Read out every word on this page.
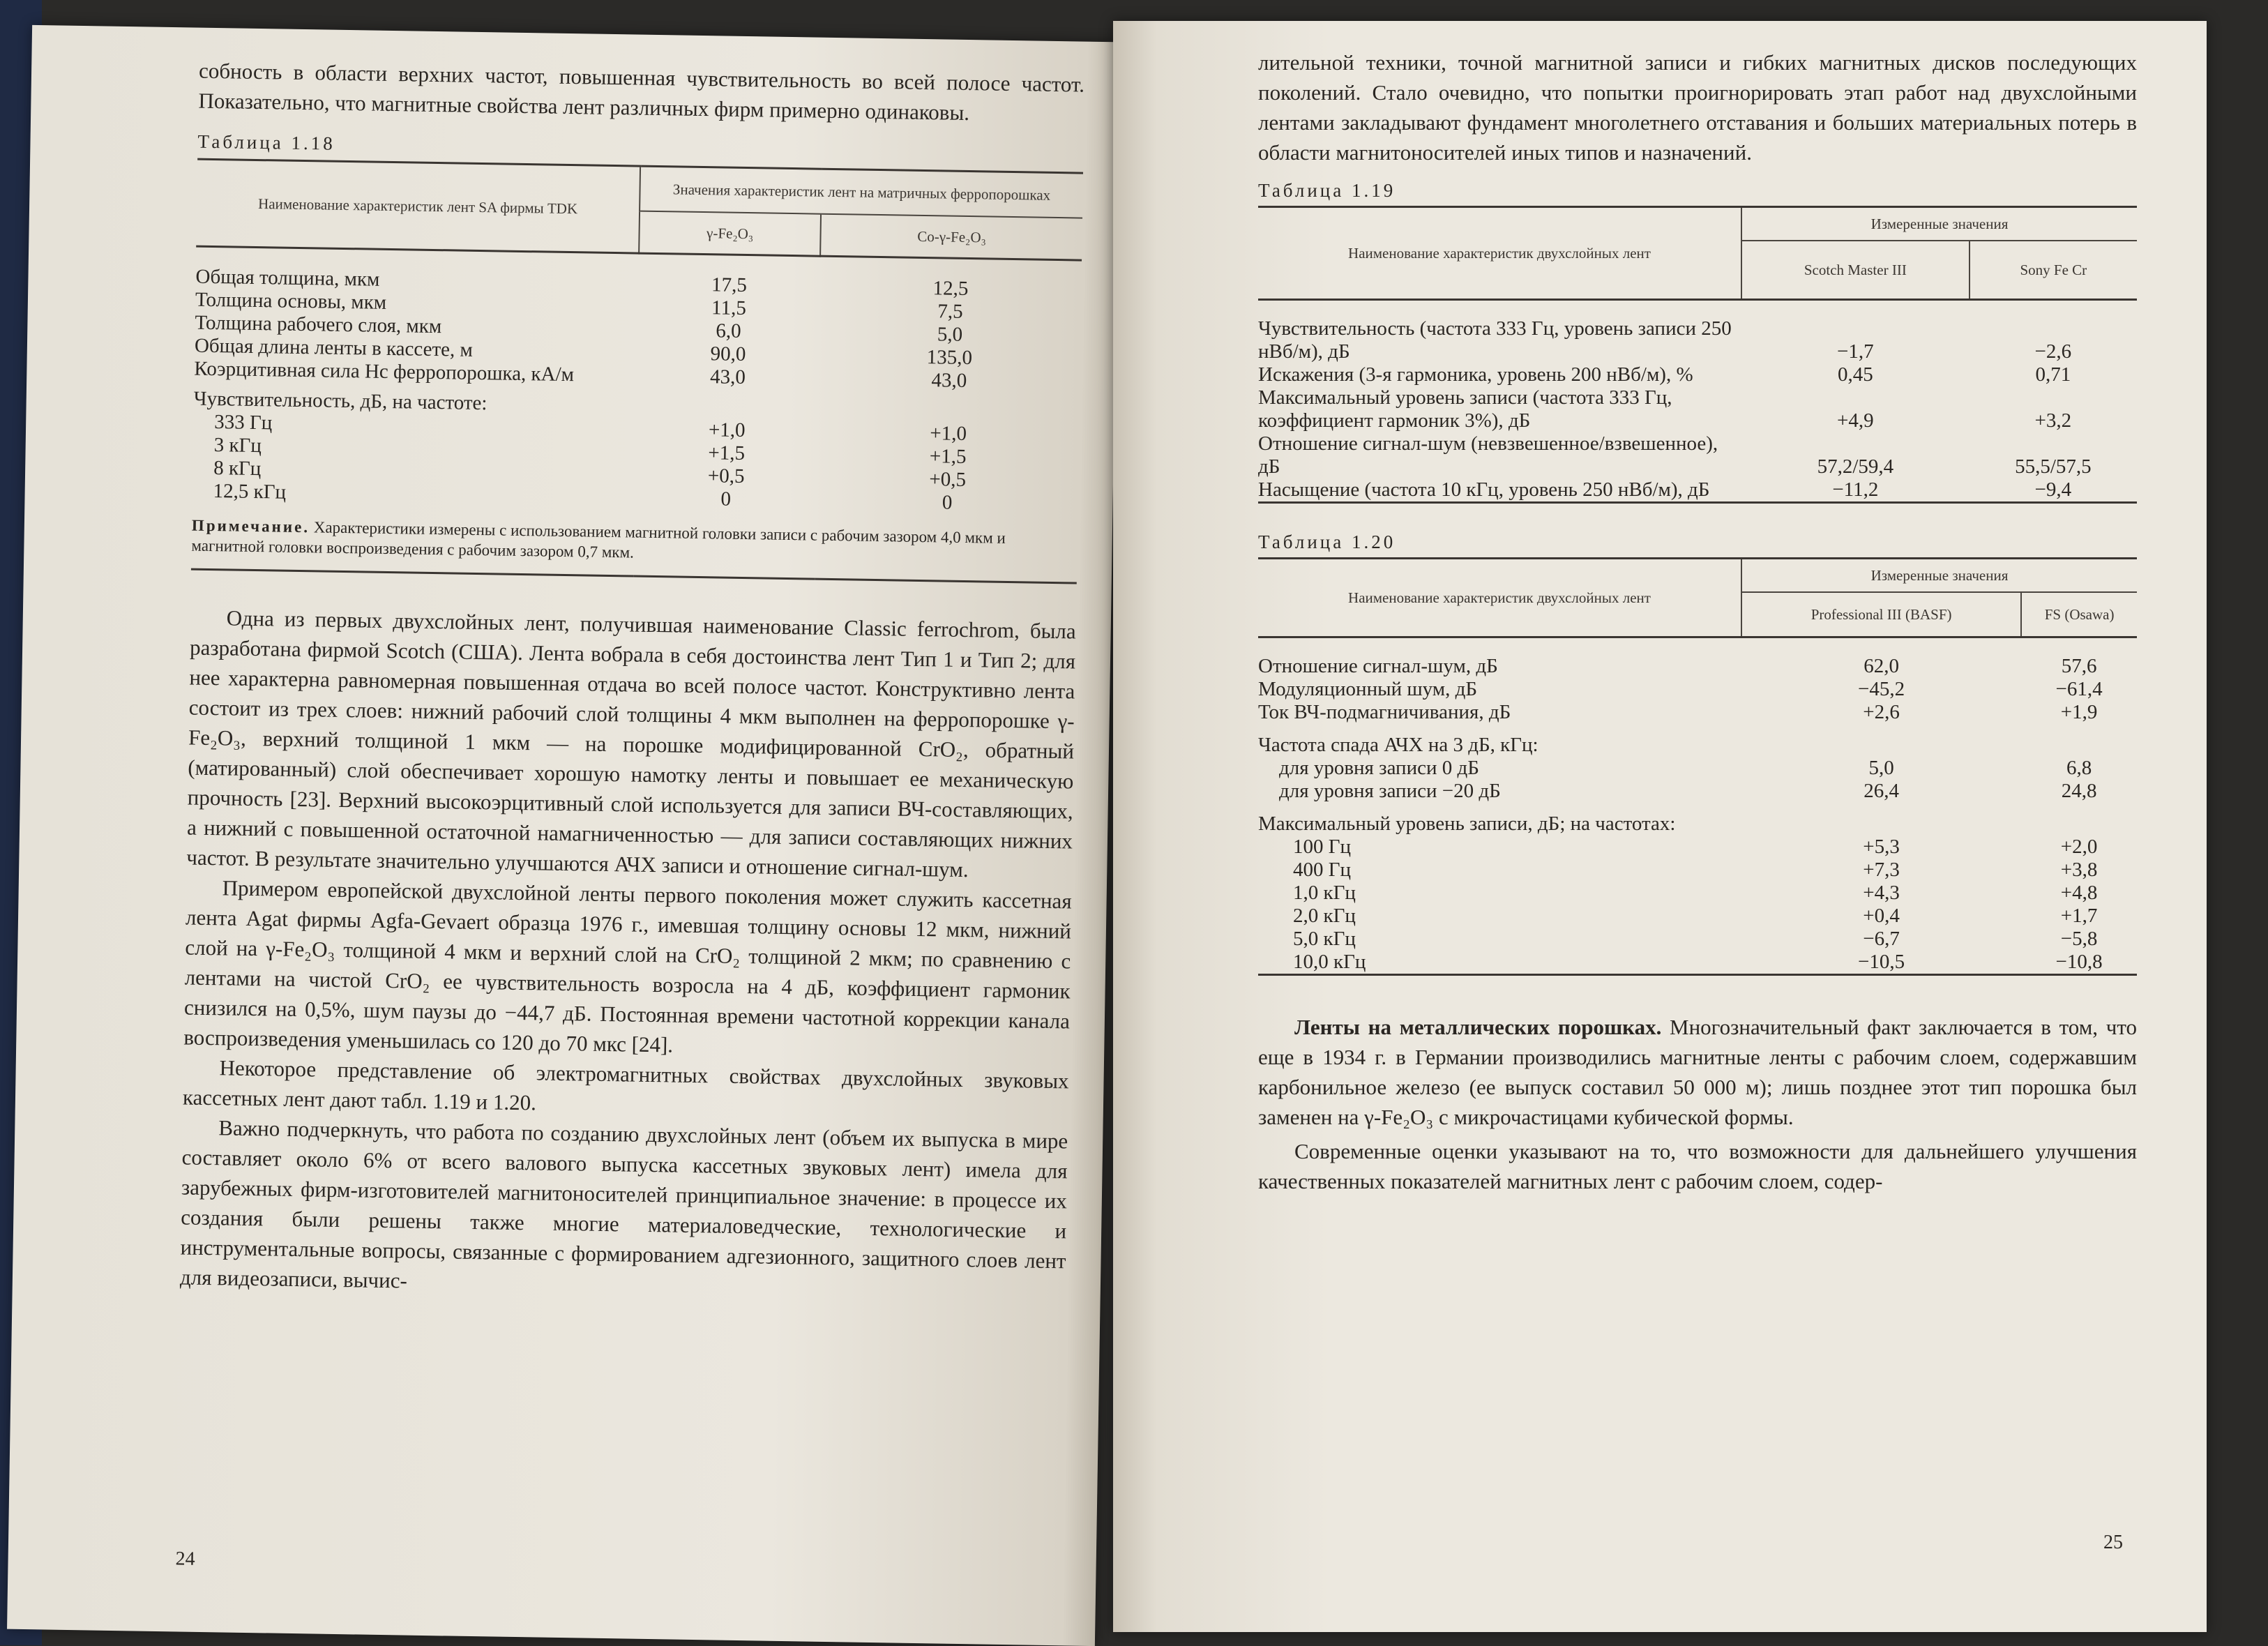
собность в области верхних частот, повышенная чувствительность во всей полосе частот. Показательно, что магнитные свойства лент различных фирм примерно одинаковы.

Таблица 1.18

Наименование характеристик лент SA фирмы TDK	Значения характеристик лент на матричных ферропорошках	
	γ-Fe₂O₃	Co-γ-Fe₂O₃

Общая толщина, мкм	17,5	12,5
Толщина основы, мкм	11,5	7,5
Толщина рабочего слоя, мкм	6,0	5,0
Общая длина ленты в кассете, м	90,0	135,0
Коэрцитивная сила Hc ферропорошка, кА/м	43,0	43,0
Чувствительность, дБ, на частоте:		
333 Гц	+1,0	+1,0
3 кГц	+1,5	+1,5
8 кГц	+0,5	+0,5
12,5 кГц	0	0
Примечание. Характеристики измерены с использованием магнитной головки записи с рабочим зазором 4,0 мкм и магнитной головки воспроизведения с рабочим зазором 0,7 мкм.		

Одна из первых двухслойных лент, получившая наименование Classic ferrochrom, была разработана фирмой Scotch (США). Лента вобрала в себя достоинства лент Тип 1 и Тип 2; для нее характерна равномерная повышенная отдача во всей полосе частот. Конструктивно лента состоит из трех слоев: нижний рабочий слой толщины 4 мкм выполнен на ферропорошке γ-Fe₂O₃, верхний толщиной 1 мкм — на порошке модифицированной CrO₂, обратный (матированный) слой обеспечивает хорошую намотку ленты и повышает ее механическую прочность [23]. Верхний высокоэрцитивный слой используется для записи ВЧ-составляющих, а нижний с повышенной остаточной намагниченностью — для записи составляющих нижних частот. В результате значительно улучшаются АЧХ записи и отношение сигнал-шум.

Примером европейской двухслойной ленты первого поколения может служить кассетная лента Agat фирмы Agfa-Gevaert образца 1976 г., имевшая толщину основы 12 мкм, нижний слой на γ-Fe₂O₃ толщиной 4 мкм и верхний слой на CrO₂ толщиной 2 мкм; по сравнению с лентами на чистой CrO₂ ее чувствительность возросла на 4 дБ, коэффициент гармоник снизился на 0,5%, шум паузы до −44,7 дБ. Постоянная времени частотной коррекции канала воспроизведения уменьшилась со 120 до 70 мкс [24].

Некоторое представление об электромагнитных свойствах двухслойных звуковых кассетных лент дают табл. 1.19 и 1.20.

Важно подчеркнуть, что работа по созданию двухслойных лент (объем их выпуска в мире составляет около 6% от всего валового выпуска кассетных звуковых лент) имела для зарубежных фирм-изготовителей магнитоносителей принципиальное значение: в процессе их создания были решены также многие материаловедческие, технологические и инструментальные вопросы, связанные с формированием адгезионного, защитного слоев лент для видеозаписи, вычис-

24

лительной техники, точной магнитной записи и гибких магнитных дисков последующих поколений. Стало очевидно, что попытки проигнорировать этап работ над двухслойными лентами закладывают фундамент многолетнего отставания и больших материальных потерь в области магнитоносителей иных типов и назначений.

Таблица 1.19

Наименование характеристик двухслойных лент	Измеренные значения	
	Scotch Master III	Sony Fe Cr

Чувствительность (частота 333 Гц, уровень записи 250 нВб/м), дБ	−1,7	−2,6
Искажения (3-я гармоника, уровень 200 нВб/м), %	0,45	0,71
Максимальный уровень записи (частота 333 Гц, коэффициент гармоник 3%), дБ	+4,9	+3,2
Отношение сигнал-шум (невзвешенное/взвешенное), дБ	57,2/59,4	55,5/57,5
Насыщение (частота 10 кГц, уровень 250 нВб/м), дБ	−11,2	−9,4

Таблица 1.20

Наименование характеристик двухслойных лент	Измеренные значения	
	Professional III (BASF)	FS (Osawa)

Отношение сигнал-шум, дБ	62,0	57,6
Модуляционный шум, дБ	−45,2	−61,4
Ток ВЧ-подмагничивания, дБ	+2,6	+1,9
Частота спада АЧХ на 3 дБ, кГц:		
для уровня записи 0 дБ	5,0	6,8
для уровня записи −20 дБ	26,4	24,8
Максимальный уровень записи, дБ; на частотах:		
100 Гц	+5,3	+2,0
400 Гц	+7,3	+3,8
1,0 кГц	+4,3	+4,8
2,0 кГц	+0,4	+1,7
5,0 кГц	−6,7	−5,8
10,0 кГц	−10,5	−10,8

Ленты на металлических порошках. Многозначительный факт заключается в том, что еще в 1934 г. в Германии производились магнитные ленты с рабочим слоем, содержавшим карбонильное железо (ее выпуск составил 50 000 м); лишь позднее этот тип порошка был заменен на γ-Fe₂O₃ с микрочастицами кубической формы.

Современные оценки указывают на то, что возможности для дальнейшего улучшения качественных показателей магнитных лент с рабочим слоем, содер-

25
